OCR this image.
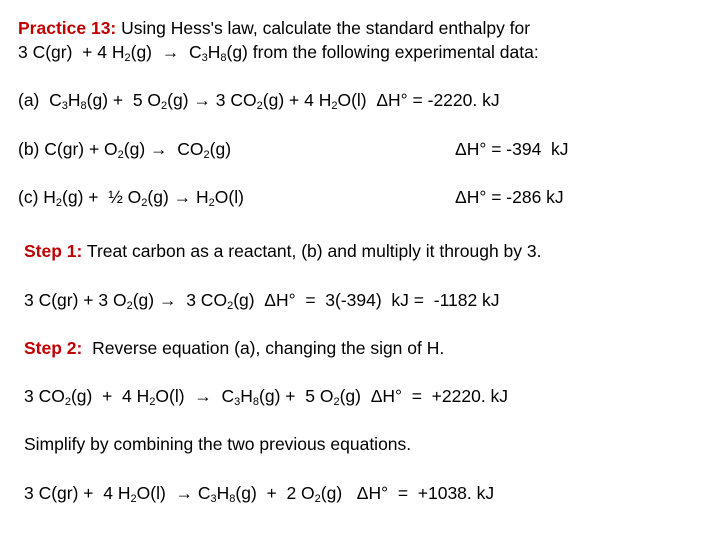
Practice 13: Using Hess's law, calculate the standard enthalpy for
3 C(gr)  + 4 $H_2(g) \to C_3H_8(g)$ from the following experimental data:
(a)  $C_3H_8(g) + 5$ $O_2(g) \to 3$ $CO_2(g) + 4$ $H_2O(l) \Delta H^\circ = -2220$. kJ
(b) $C(gr) + O_2(g) \to CO_2(g)$	ΔH° = -394  kJ
(c) $H_2(g)$ +  ½ $O_2(g) \to H_2O(l)$	ΔH° = -286 kJ
Step 1: Treat carbon as a reactant, (b) and multiply it through by 3.
3 C(gr) + 3 $O_2(g) \to 3$ $CO_2(g) \Delta H^\circ = 3(-394)$  kJ =  -1182 kJ
Step 2:  Reverse equation (a), changing the sign of H.
3 $CO_2(g) + 4$ $H_2O(l) \to C_3H_8(g) + 5$ $O_2(g) \Delta H^\circ = +2220$. kJ
Simplify by combining the two previous equations.
3 C(gr) +  4 $H_2O(l) \to C_3H_8(g) + 2$ $O_2(g) \Delta H^\circ = +1038$. kJ
